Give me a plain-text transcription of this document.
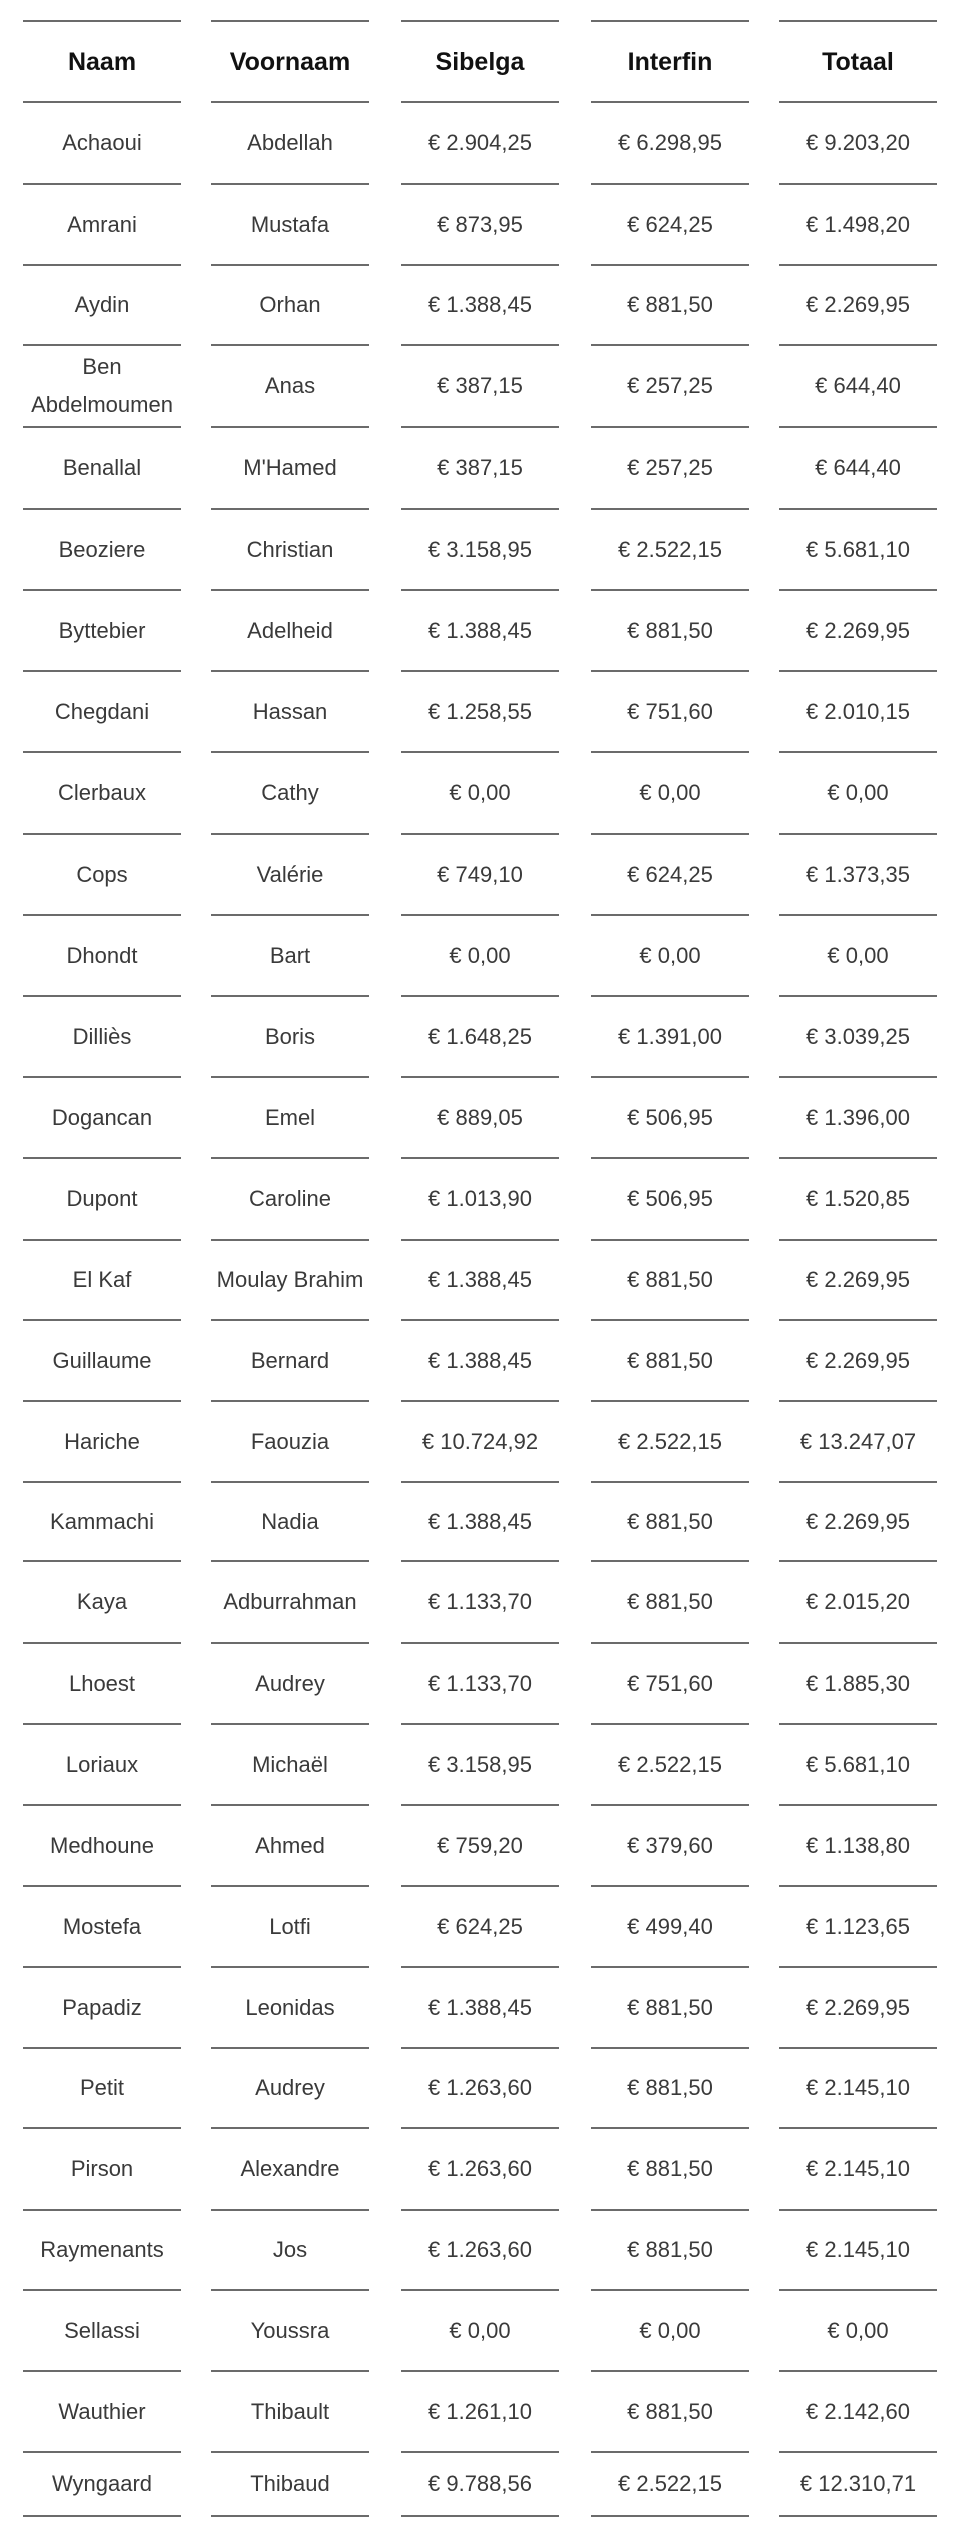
Naam
Achaoui
Amrani
Aydin
Ben Abdelmoumen
Benallal
Beoziere
Byttebier
Chegdani
Clerbaux
Cops
Dhondt
Dilliès
Dogancan
Dupont
El Kaf
Guillaume
Hariche
Kammachi
Kaya
Lhoest
Loriaux
Medhoune
Mostefa
Papadiz
Petit
Pirson
Raymenants
Sellassi
Wauthier
Wyngaard
Voornaam
Abdellah
Mustafa
Orhan
Anas
M'Hamed
Christian
Adelheid
Hassan
Cathy
Valérie
Bart
Boris
Emel
Caroline
Moulay Brahim
Bernard
Faouzia
Nadia
Adburrahman
Audrey
Michaël
Ahmed
Lotfi
Leonidas
Audrey
Alexandre
Jos
Youssra
Thibault
Thibaud
Sibelga
€ 2.904,25
€ 873,95
€ 1.388,45
€ 387,15
€ 387,15
€ 3.158,95
€ 1.388,45
€ 1.258,55
€ 0,00
€ 749,10
€ 0,00
€ 1.648,25
€ 889,05
€ 1.013,90
€ 1.388,45
€ 1.388,45
€ 10.724,92
€ 1.388,45
€ 1.133,70
€ 1.133,70
€ 3.158,95
€ 759,20
€ 624,25
€ 1.388,45
€ 1.263,60
€ 1.263,60
€ 1.263,60
€ 0,00
€ 1.261,10
€ 9.788,56
Interfin
€ 6.298,95
€ 624,25
€ 881,50
€ 257,25
€ 257,25
€ 2.522,15
€ 881,50
€ 751,60
€ 0,00
€ 624,25
€ 0,00
€ 1.391,00
€ 506,95
€ 506,95
€ 881,50
€ 881,50
€ 2.522,15
€ 881,50
€ 881,50
€ 751,60
€ 2.522,15
€ 379,60
€ 499,40
€ 881,50
€ 881,50
€ 881,50
€ 881,50
€ 0,00
€ 881,50
€ 2.522,15
Totaal
€ 9.203,20
€ 1.498,20
€ 2.269,95
€ 644,40
€ 644,40
€ 5.681,10
€ 2.269,95
€ 2.010,15
€ 0,00
€ 1.373,35
€ 0,00
€ 3.039,25
€ 1.396,00
€ 1.520,85
€ 2.269,95
€ 2.269,95
€ 13.247,07
€ 2.269,95
€ 2.015,20
€ 1.885,30
€ 5.681,10
€ 1.138,80
€ 1.123,65
€ 2.269,95
€ 2.145,10
€ 2.145,10
€ 2.145,10
€ 0,00
€ 2.142,60
€ 12.310,71
